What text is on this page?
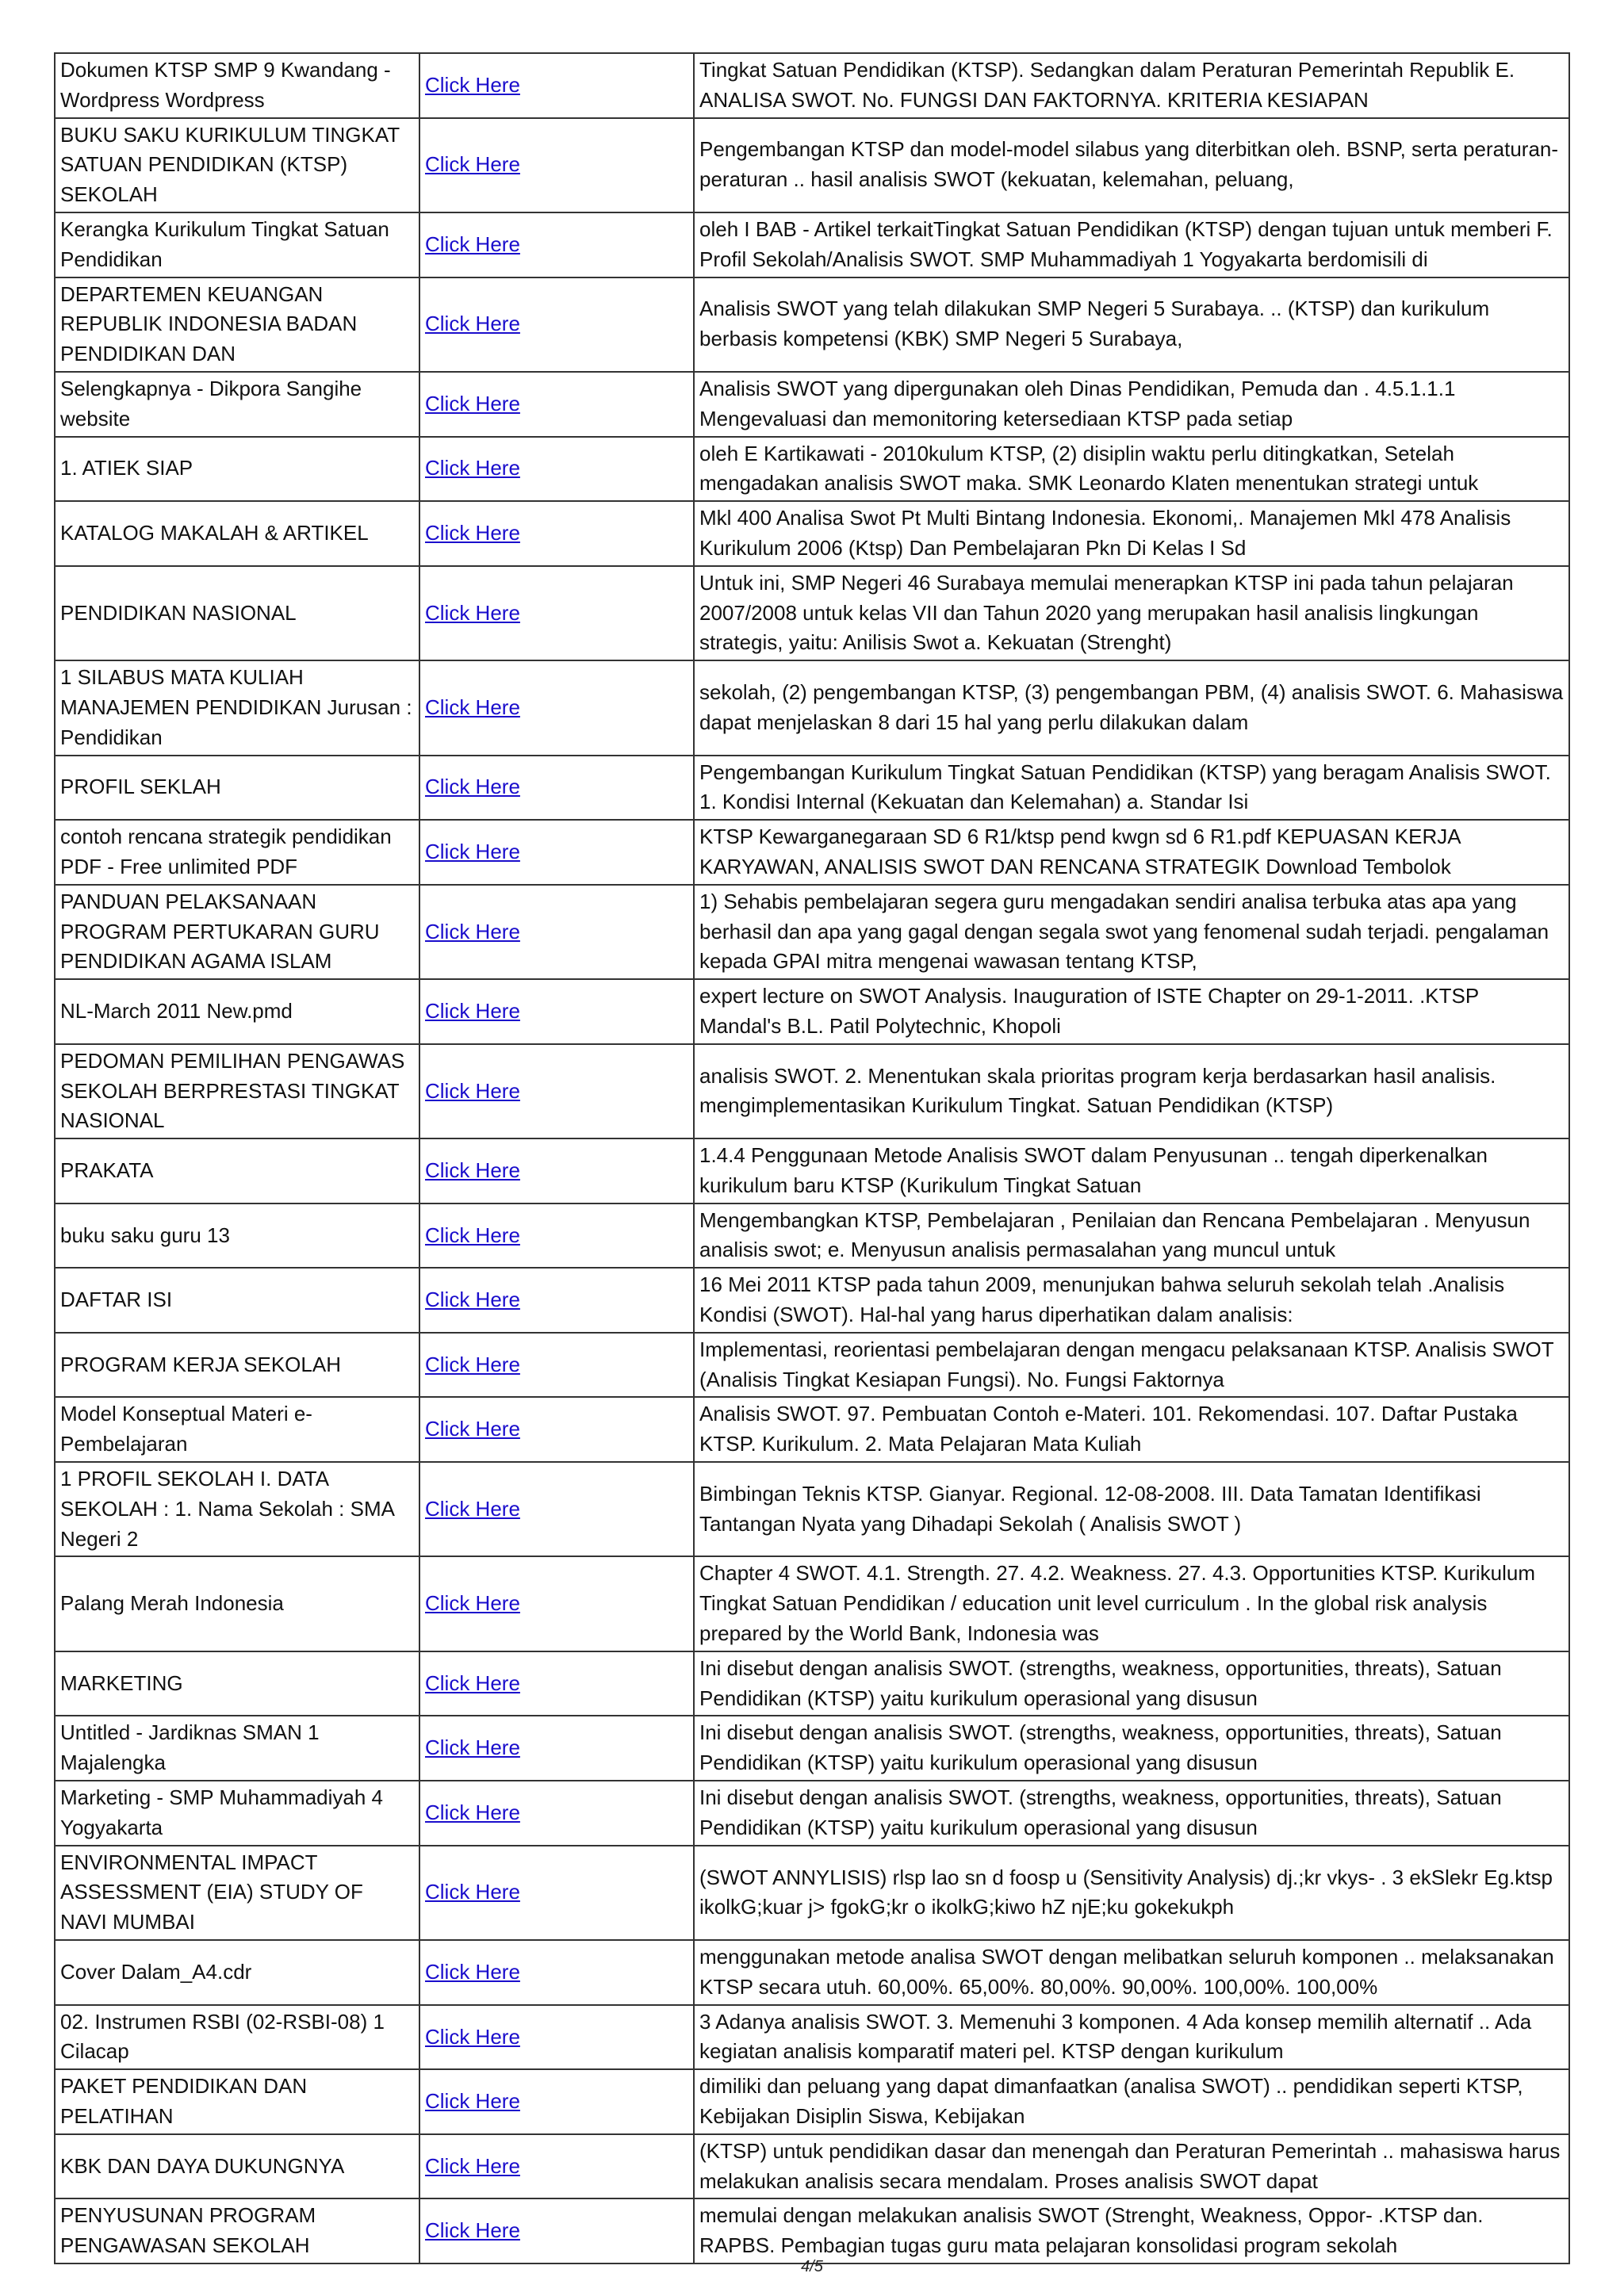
Dokumen KTSP SMP 9 Kwandang - Wordpress Wordpress	Click Here	Tingkat Satuan Pendidikan (KTSP). Sedangkan dalam Peraturan Pemerintah Republik E. ANALISA SWOT. No. FUNGSI DAN FAKTORNYA. KRITERIA KESIAPAN
BUKU SAKU KURIKULUM TINGKAT SATUAN PENDIDIKAN (KTSP) SEKOLAH	Click Here	Pengembangan KTSP dan model-model silabus yang diterbitkan oleh. BSNP, serta peraturan-peraturan .. hasil analisis SWOT (kekuatan, kelemahan, peluang,
Kerangka Kurikulum Tingkat Satuan Pendidikan	Click Here	oleh I BAB - Artikel terkaitTingkat Satuan Pendidikan (KTSP) dengan tujuan untuk memberi F. Profil Sekolah/Analisis SWOT. SMP Muhammadiyah 1 Yogyakarta berdomisili di
DEPARTEMEN KEUANGAN REPUBLIK INDONESIA BADAN PENDIDIKAN DAN	Click Here	Analisis SWOT yang telah dilakukan SMP Negeri 5 Surabaya. .. (KTSP) dan kurikulum berbasis kompetensi (KBK) SMP Negeri 5 Surabaya,
Selengkapnya - Dikpora Sangihe website	Click Here	Analisis SWOT yang dipergunakan oleh Dinas Pendidikan, Pemuda dan . 4.5.1.1.1 Mengevaluasi dan memonitoring ketersediaan KTSP pada setiap
1. ATIEK SIAP	Click Here	oleh E Kartikawati - 2010kulum KTSP, (2) disiplin waktu perlu ditingkatkan, Setelah mengadakan analisis SWOT maka. SMK Leonardo Klaten menentukan strategi untuk
KATALOG MAKALAH & ARTIKEL	Click Here	Mkl 400 Analisa Swot Pt Multi Bintang Indonesia. Ekonomi,. Manajemen Mkl 478 Analisis Kurikulum 2006 (Ktsp) Dan Pembelajaran Pkn Di Kelas I Sd
PENDIDIKAN NASIONAL	Click Here	Untuk ini, SMP Negeri 46 Surabaya memulai menerapkan KTSP ini pada tahun pelajaran 2007/2008 untuk kelas VII dan Tahun 2020 yang merupakan hasil analisis lingkungan strategis, yaitu: Anilisis Swot a. Kekuatan (Strenght)
1 SILABUS MATA KULIAH MANAJEMEN PENDIDIKAN Jurusan : Pendidikan	Click Here	sekolah, (2) pengembangan KTSP, (3) pengembangan PBM, (4) analisis SWOT. 6. Mahasiswa dapat menjelaskan 8 dari 15 hal yang perlu dilakukan dalam
PROFIL SEKLAH	Click Here	Pengembangan Kurikulum Tingkat Satuan Pendidikan (KTSP) yang beragam Analisis SWOT. 1. Kondisi Internal (Kekuatan dan Kelemahan) a. Standar Isi
contoh rencana strategik pendidikan PDF - Free unlimited PDF	Click Here	KTSP Kewarganegaraan SD 6 R1/ktsp pend kwgn sd 6 R1.pdf KEPUASAN KERJA KARYAWAN, ANALISIS SWOT DAN RENCANA STRATEGIK Download Tembolok
PANDUAN PELAKSANAAN PROGRAM PERTUKARAN GURU PENDIDIKAN AGAMA ISLAM	Click Here	1) Sehabis pembelajaran segera guru mengadakan sendiri analisa terbuka atas apa yang berhasil dan apa yang gagal dengan segala swot yang fenomenal sudah terjadi. pengalaman kepada GPAI mitra mengenai wawasan tentang KTSP,
NL-March 2011 New.pmd	Click Here	expert lecture on SWOT Analysis. Inauguration of ISTE Chapter on 29-1-2011. .KTSP Mandal's B.L. Patil Polytechnic, Khopoli
PEDOMAN PEMILIHAN PENGAWAS SEKOLAH BERPRESTASI TINGKAT NASIONAL	Click Here	analisis SWOT. 2. Menentukan skala prioritas program kerja berdasarkan hasil analisis. mengimplementasikan Kurikulum Tingkat. Satuan Pendidikan (KTSP)
PRAKATA	Click Here	1.4.4 Penggunaan Metode Analisis SWOT dalam Penyusunan .. tengah diperkenalkan kurikulum baru KTSP (Kurikulum Tingkat Satuan
buku saku guru 13	Click Here	Mengembangkan KTSP, Pembelajaran , Penilaian dan Rencana Pembelajaran . Menyusun analisis swot; e. Menyusun analisis permasalahan yang muncul untuk
DAFTAR ISI	Click Here	16 Mei 2011 KTSP pada tahun 2009, menunjukan bahwa seluruh sekolah telah .Analisis Kondisi (SWOT). Hal-hal yang harus diperhatikan dalam analisis:
PROGRAM KERJA SEKOLAH	Click Here	Implementasi, reorientasi pembelajaran dengan mengacu pelaksanaan KTSP. Analisis SWOT (Analisis Tingkat Kesiapan Fungsi). No. Fungsi Faktornya
Model Konseptual Materi e-Pembelajaran	Click Here	Analisis SWOT. 97. Pembuatan Contoh e-Materi. 101. Rekomendasi. 107. Daftar Pustaka KTSP. Kurikulum. 2. Mata Pelajaran Mata Kuliah
1 PROFIL SEKOLAH I. DATA SEKOLAH : 1. Nama Sekolah : SMA Negeri 2	Click Here	Bimbingan Teknis KTSP. Gianyar. Regional. 12-08-2008. III. Data Tamatan Identifikasi Tantangan Nyata yang Dihadapi Sekolah ( Analisis SWOT )
Palang Merah Indonesia	Click Here	Chapter 4 SWOT. 4.1. Strength. 27. 4.2. Weakness. 27. 4.3. Opportunities KTSP. Kurikulum Tingkat Satuan Pendidikan / education unit level curriculum . In the global risk analysis prepared by the World Bank, Indonesia was
MARKETING	Click Here	Ini disebut dengan analisis SWOT. (strengths, weakness, opportunities, threats), Satuan Pendidikan (KTSP) yaitu kurikulum operasional yang disusun
Untitled - Jardiknas SMAN 1 Majalengka	Click Here	Ini disebut dengan analisis SWOT. (strengths, weakness, opportunities, threats), Satuan Pendidikan (KTSP) yaitu kurikulum operasional yang disusun
Marketing - SMP Muhammadiyah 4 Yogyakarta	Click Here	Ini disebut dengan analisis SWOT. (strengths, weakness, opportunities, threats), Satuan Pendidikan (KTSP) yaitu kurikulum operasional yang disusun
ENVIRONMENTAL IMPACT ASSESSMENT (EIA) STUDY OF NAVI MUMBAI	Click Here	(SWOT ANNYLISIS) rlsp lao sn d foosp u (Sensitivity Analysis) dj.;kr vkys- . 3 ekSlekr Eg.ktsp ikolkG;kuar j> fgokG;kr o ikolkG;kiwo hZ njE;ku gokekukph
Cover Dalam_A4.cdr	Click Here	menggunakan metode analisa SWOT dengan melibatkan seluruh komponen .. melaksanakan KTSP secara utuh. 60,00%. 65,00%. 80,00%. 90,00%. 100,00%. 100,00%
02. Instrumen RSBI (02-RSBI-08) 1 Cilacap	Click Here	3 Adanya analisis SWOT. 3. Memenuhi 3 komponen. 4 Ada konsep memilih alternatif .. Ada kegiatan analisis komparatif materi pel. KTSP dengan kurikulum
PAKET PENDIDIKAN DAN PELATIHAN	Click Here	dimiliki dan peluang yang dapat dimanfaatkan (analisa SWOT) .. pendidikan seperti KTSP, Kebijakan Disiplin Siswa, Kebijakan
KBK DAN DAYA DUKUNGNYA	Click Here	(KTSP) untuk pendidikan dasar dan menengah dan Peraturan Pemerintah .. mahasiswa harus melakukan analisis secara mendalam. Proses analisis SWOT dapat
PENYUSUNAN PROGRAM PENGAWASAN SEKOLAH	Click Here	memulai dengan melakukan analisis SWOT (Strenght, Weakness, Oppor- .KTSP dan. RAPBS. Pembagian tugas guru mata pelajaran konsolidasi program sekolah
4/5
